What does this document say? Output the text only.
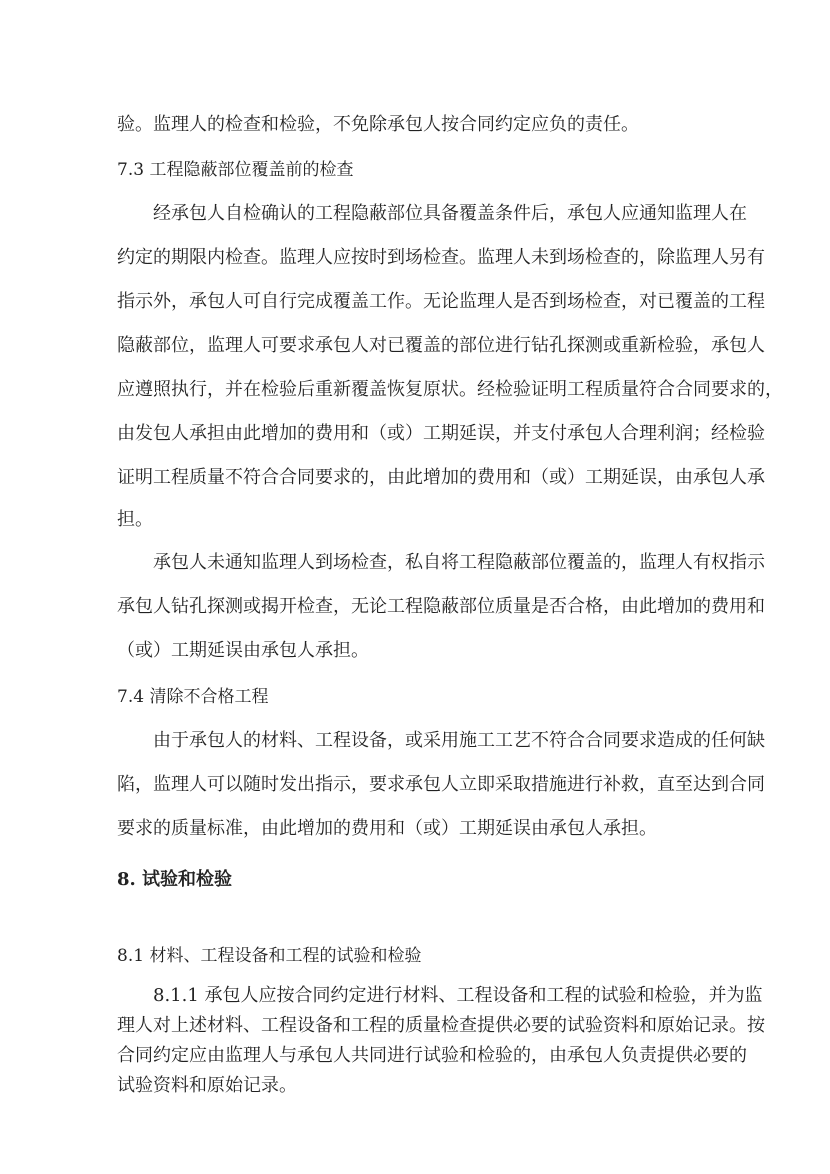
验。监理人的检查和检验，不免除承包人按合同约定应负的责任。
7.3 工程隐蔽部位覆盖前的检查
经承包人自检确认的工程隐蔽部位具备覆盖条件后，承包人应通知监理人在
约定的期限内检查。监理人应按时到场检查。监理人未到场检查的，除监理人另有
指示外，承包人可自行完成覆盖工作。无论监理人是否到场检查，对已覆盖的工程
隐蔽部位，监理人可要求承包人对已覆盖的部位进行钻孔探测或重新检验，承包人
应遵照执行，并在检验后重新覆盖恢复原状。经检验证明工程质量符合合同要求的，
由发包人承担由此增加的费用和（或）工期延误，并支付承包人合理利润；经检验
证明工程质量不符合合同要求的，由此增加的费用和（或）工期延误，由承包人承
担。
承包人未通知监理人到场检查，私自将工程隐蔽部位覆盖的，监理人有权指示
承包人钻孔探测或揭开检查，无论工程隐蔽部位质量是否合格，由此增加的费用和
（或）工期延误由承包人承担。
7.4 清除不合格工程
由于承包人的材料、工程设备，或采用施工工艺不符合合同要求造成的任何缺
陷，监理人可以随时发出指示，要求承包人立即采取措施进行补救，直至达到合同
要求的质量标准，由此增加的费用和（或）工期延误由承包人承担。
8. 试验和检验
8.1 材料、工程设备和工程的试验和检验
8.1.1 承包人应按合同约定进行材料、工程设备和工程的试验和检验，并为监
理人对上述材料、工程设备和工程的质量检查提供必要的试验资料和原始记录。按
合同约定应由监理人与承包人共同进行试验和检验的，由承包人负责提供必要的
试验资料和原始记录。
